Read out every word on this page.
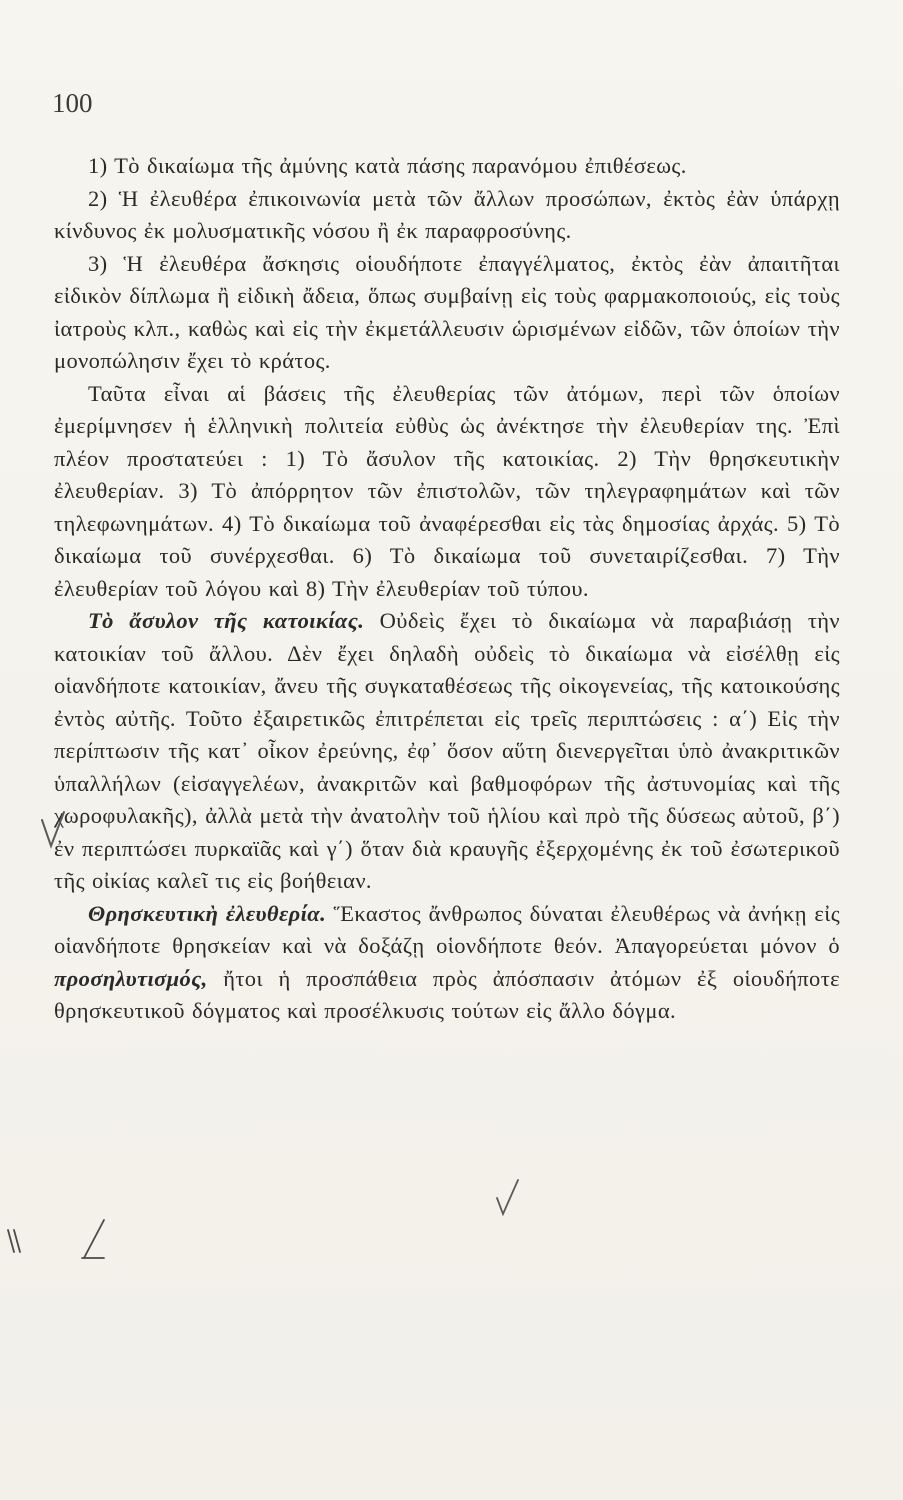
100

1) Τὸ δικαίωμα τῆς ἀμύνης κατὰ πάσης παρανόμου ἐπιθέσεως.

2) Ἡ ἐλευθέρα ἐπικοινωνία μετὰ τῶν ἄλλων προσώπων, ἐκτὸς ἐὰν ὑπάρχῃ κίνδυνος ἐκ μολυσματικῆς νόσου ἢ ἐκ παραφροσύνης.

3) Ἡ ἐλευθέρα ἄσκησις οἱουδήποτε ἐπαγγέλματος, ἐκτὸς ἐὰν ἀπαιτῆται εἰδικὸν δίπλωμα ἢ εἰδικὴ ἄδεια, ὅπως συμβαίνῃ εἰς τοὺς φαρμακοποιούς, εἰς τοὺς ἰατροὺς κλπ., καθὼς καὶ εἰς τὴν ἐκμετάλλευσιν ὡρισμένων εἰδῶν, τῶν ὁποίων τὴν μονοπώλησιν ἔχει τὸ κράτος.

Ταῦτα εἶναι αἱ βάσεις τῆς ἐλευθερίας τῶν ἀτόμων, περὶ τῶν ὁποίων ἐμερίμνησεν ἡ ἑλληνικὴ πολιτεία εὐθὺς ὡς ἀνέκτησε τὴν ἐλευθερίαν της. Ἐπὶ πλέον προστατεύει : 1) Τὸ ἄσυλον τῆς κατοικίας. 2) Τὴν θρησκευτικὴν ἐλευθερίαν. 3) Τὸ ἀπόρρητον τῶν ἐπιστολῶν, τῶν τηλεγραφημάτων καὶ τῶν τηλεφωνημάτων. 4) Τὸ δικαίωμα τοῦ ἀναφέρεσθαι εἰς τὰς δημοσίας ἀρχάς. 5) Τὸ δικαίωμα τοῦ συνέρχεσθαι. 6) Τὸ δικαίωμα τοῦ συνεταιρίζεσθαι. 7) Τὴν ἐλευθερίαν τοῦ λόγου καὶ 8) Τὴν ἐλευθερίαν τοῦ τύπου.

Τὸ ἄσυλον τῆς κατοικίας. Οὐδεὶς ἔχει τὸ δικαίωμα νὰ παραβιάσῃ τὴν κατοικίαν τοῦ ἄλλου. Δὲν ἔχει δηλαδὴ οὐδεὶς τὸ δικαίωμα νὰ εἰσέλθῃ εἰς οἱανδήποτε κατοικίαν, ἄνευ τῆς συγκαταθέσεως τῆς οἰκογενείας, τῆς κατοικούσης ἐντὸς αὐτῆς. Τοῦτο ἐξαιρετικῶς ἐπιτρέπεται εἰς τρεῖς περιπτώσεις : α΄) Εἰς τὴν περίπτωσιν τῆς κατ᾽ οἶκον ἐρεύνης, ἐφ᾽ ὅσον αὕτη διενεργεῖται ὑπὸ ἀνακριτικῶν ὑπαλλήλων (εἰσαγγελέων, ἀνακριτῶν καὶ βαθμοφόρων τῆς ἀστυνομίας καὶ τῆς χωροφυλακῆς), ἀλλὰ μετὰ τὴν ἀνατολὴν τοῦ ἡλίου καὶ πρὸ τῆς δύσεως αὐτοῦ, β΄) ἐν περιπτώσει πυρκαϊᾶς καὶ γ΄) ὅταν διὰ κραυγῆς ἐξερχομένης ἐκ τοῦ ἐσωτερικοῦ τῆς οἰκίας καλεῖ τις εἰς βοήθειαν.

Θρησκευτικὴ ἐλευθερία. Ἕκαστος ἄνθρωπος δύναται ἐλευθέρως νὰ ἀνήκῃ εἰς οἱανδήποτε θρησκείαν καὶ νὰ δοξάζῃ οἱονδήποτε θεόν. Ἀπαγορεύεται μόνον ὁ προσηλυτισμός, ἤτοι ἡ προσπάθεια πρὸς ἀπόσπασιν ἀτόμων ἐξ οἱουδήποτε θρησκευτικοῦ δόγματος καὶ προσέλκυσις τούτων εἰς ἄλλο δόγμα.
